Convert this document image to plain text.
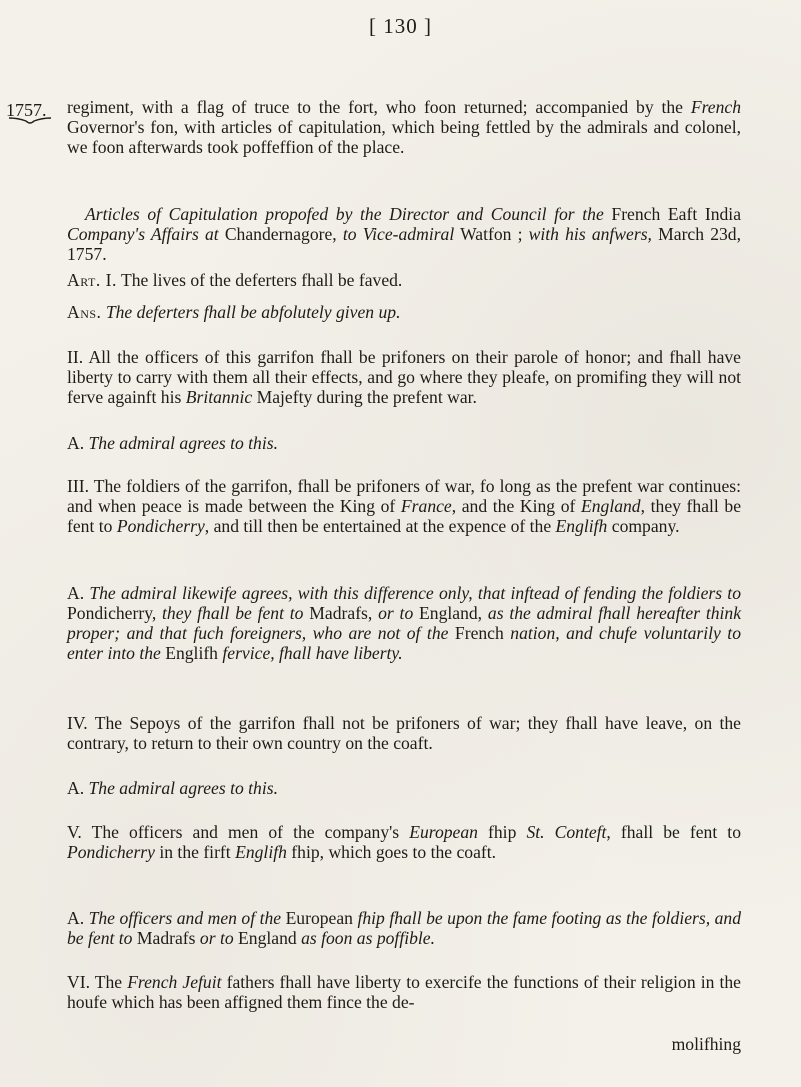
[ 130 ]
1757. regiment, with a flag of truce to the fort, who foon returned; accompanied by the French Governor's fon, with articles of capitulation, which being fettled by the admirals and colonel, we foon afterwards took poffeffion of the place.
Articles of Capitulation propofed by the Director and Council for the French Eaft India Company's Affairs at Chandernagore, to Vice-admiral Watfon ; with his anfwers, March 23d, 1757.
Art. I. The lives of the deferters fhall be faved.
Ans. The deferters fhall be abfolutely given up.
II. All the officers of this garrifon fhall be prifoners on their parole of honor; and fhall have liberty to carry with them all their effects, and go where they pleafe, on promifing they will not ferve againft his Britannic Majefty during the prefent war.
A. The admiral agrees to this.
III. The foldiers of the garrifon, fhall be prifoners of war, fo long as the prefent war continues: and when peace is made between the King of France, and the King of England, they fhall be fent to Pondicherry, and till then be entertained at the expence of the Englifh company.
A. The admiral likewife agrees, with this difference only, that inftead of fending the foldiers to Pondicherry, they fhall be fent to Madrafs, or to England, as the admiral fhall hereafter think proper; and that fuch foreigners, who are not of the French nation, and chufe voluntarily to enter into the Englifh fervice, fhall have liberty.
IV. The Sepoys of the garrifon fhall not be prifoners of war; they fhall have leave, on the contrary, to return to their own country on the coaft.
A. The admiral agrees to this.
V. The officers and men of the company's European fhip St. Conteft, fhall be fent to Pondicherry in the firft Englifh fhip, which goes to the coaft.
A. The officers and men of the European fhip fhall be upon the fame footing as the foldiers, and be fent to Madrafs or to England as foon as poffible.
VI. The French Jefuit fathers fhall have liberty to exercife the functions of their religion in the houfe which has been affigned them fince the de-
molifhing
